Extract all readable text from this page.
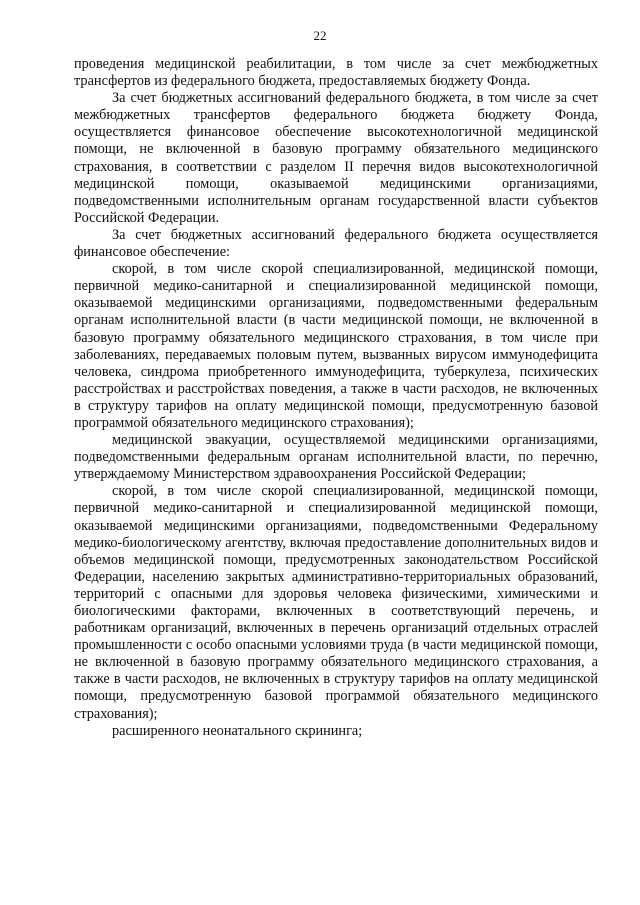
22

проведения медицинской реабилитации, в том числе за счет межбюджетных трансфертов из федерального бюджета, предоставляемых бюджету Фонда.

За счет бюджетных ассигнований федерального бюджета, в том числе за счет межбюджетных трансфертов федерального бюджета бюджету Фонда, осуществляется финансовое обеспечение высокотехнологичной медицинской помощи, не включенной в базовую программу обязательного медицинского страхования, в соответствии с разделом II перечня видов высокотехнологичной медицинской помощи, оказываемой медицинскими организациями, подведомственными исполнительным органам государственной власти субъектов Российской Федерации.

За счет бюджетных ассигнований федерального бюджета осуществляется финансовое обеспечение:

скорой, в том числе скорой специализированной, медицинской помощи, первичной медико-санитарной и специализированной медицинской помощи, оказываемой медицинскими организациями, подведомственными федеральным органам исполнительной власти (в части медицинской помощи, не включенной в базовую программу обязательного медицинского страхования, в том числе при заболеваниях, передаваемых половым путем, вызванных вирусом иммунодефицита человека, синдрома приобретенного иммунодефицита, туберкулеза, психических расстройствах и расстройствах поведения, а также в части расходов, не включенных в структуру тарифов на оплату медицинской помощи, предусмотренную базовой программой обязательного медицинского страхования);

медицинской эвакуации, осуществляемой медицинскими организациями, подведомственными федеральным органам исполнительной власти, по перечню, утверждаемому Министерством здравоохранения Российской Федерации;

скорой, в том числе скорой специализированной, медицинской помощи, первичной медико-санитарной и специализированной медицинской помощи, оказываемой медицинскими организациями, подведомственными Федеральному медико-биологическому агентству, включая предоставление дополнительных видов и объемов медицинской помощи, предусмотренных законодательством Российской Федерации, населению закрытых административно-территориальных образований, территорий с опасными для здоровья человека физическими, химическими и биологическими факторами, включенных в соответствующий перечень, и работникам организаций, включенных в перечень организаций отдельных отраслей промышленности с особо опасными условиями труда (в части медицинской помощи, не включенной в базовую программу обязательного медицинского страхования, а также в части расходов, не включенных в структуру тарифов на оплату медицинской помощи, предусмотренную базовой программой обязательного медицинского страхования);

расширенного неонатального скрининга;
